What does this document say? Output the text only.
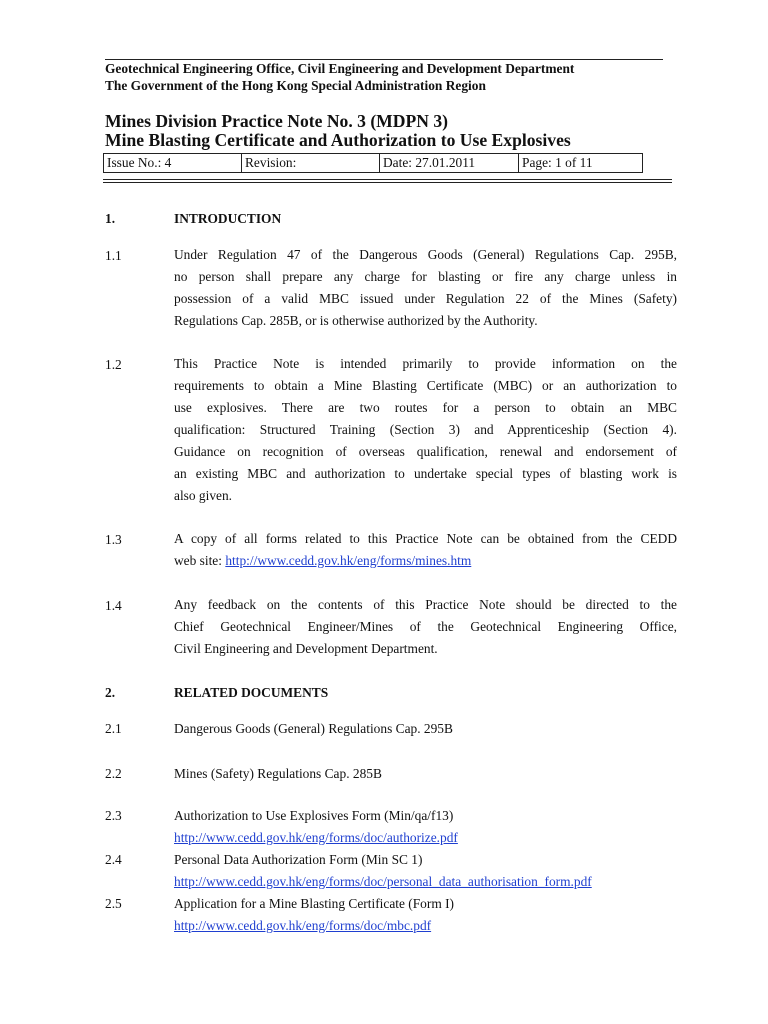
Geotechnical Engineering Office, Civil Engineering and Development Department
The Government of the Hong Kong Special Administration Region
Mines Division Practice Note No. 3 (MDPN 3)
Mine Blasting Certificate and Authorization to Use Explosives
Issue No.: 4	Revision:	Date: 27.01.2011	Page: 1 of 11
1.	INTRODUCTION
1.1	Under Regulation 47 of the Dangerous Goods (General) Regulations Cap. 295B,
no person shall prepare any charge for blasting or fire any charge unless in
possession of a valid MBC issued under Regulation 22 of the Mines (Safety)
Regulations Cap. 285B, or is otherwise authorized by the Authority.
1.2	This Practice Note is intended primarily to provide information on the
requirements to obtain a Mine Blasting Certificate (MBC) or an authorization to
use explosives. There are two routes for a person to obtain an MBC
qualification: Structured Training (Section 3) and Apprenticeship (Section 4).
Guidance on recognition of overseas qualification, renewal and endorsement of
an existing MBC and authorization to undertake special types of blasting work is
also given.
1.3	A copy of all forms related to this Practice Note can be obtained from the CEDD
web site: http://www.cedd.gov.hk/eng/forms/mines.htm
1.4	Any feedback on the contents of this Practice Note should be directed to the
Chief Geotechnical Engineer/Mines of the Geotechnical Engineering Office,
Civil Engineering and Development Department.
2.	RELATED DOCUMENTS
2.1	Dangerous Goods (General) Regulations Cap. 295B
2.2	Mines (Safety) Regulations Cap. 285B
2.3	Authorization to Use Explosives Form (Min/qa/f13)
http://www.cedd.gov.hk/eng/forms/doc/authorize.pdf
2.4	Personal Data Authorization Form (Min SC 1)
http://www.cedd.gov.hk/eng/forms/doc/personal_data_authorisation_form.pdf
2.5	Application for a Mine Blasting Certificate (Form I)
http://www.cedd.gov.hk/eng/forms/doc/mbc.pdf
